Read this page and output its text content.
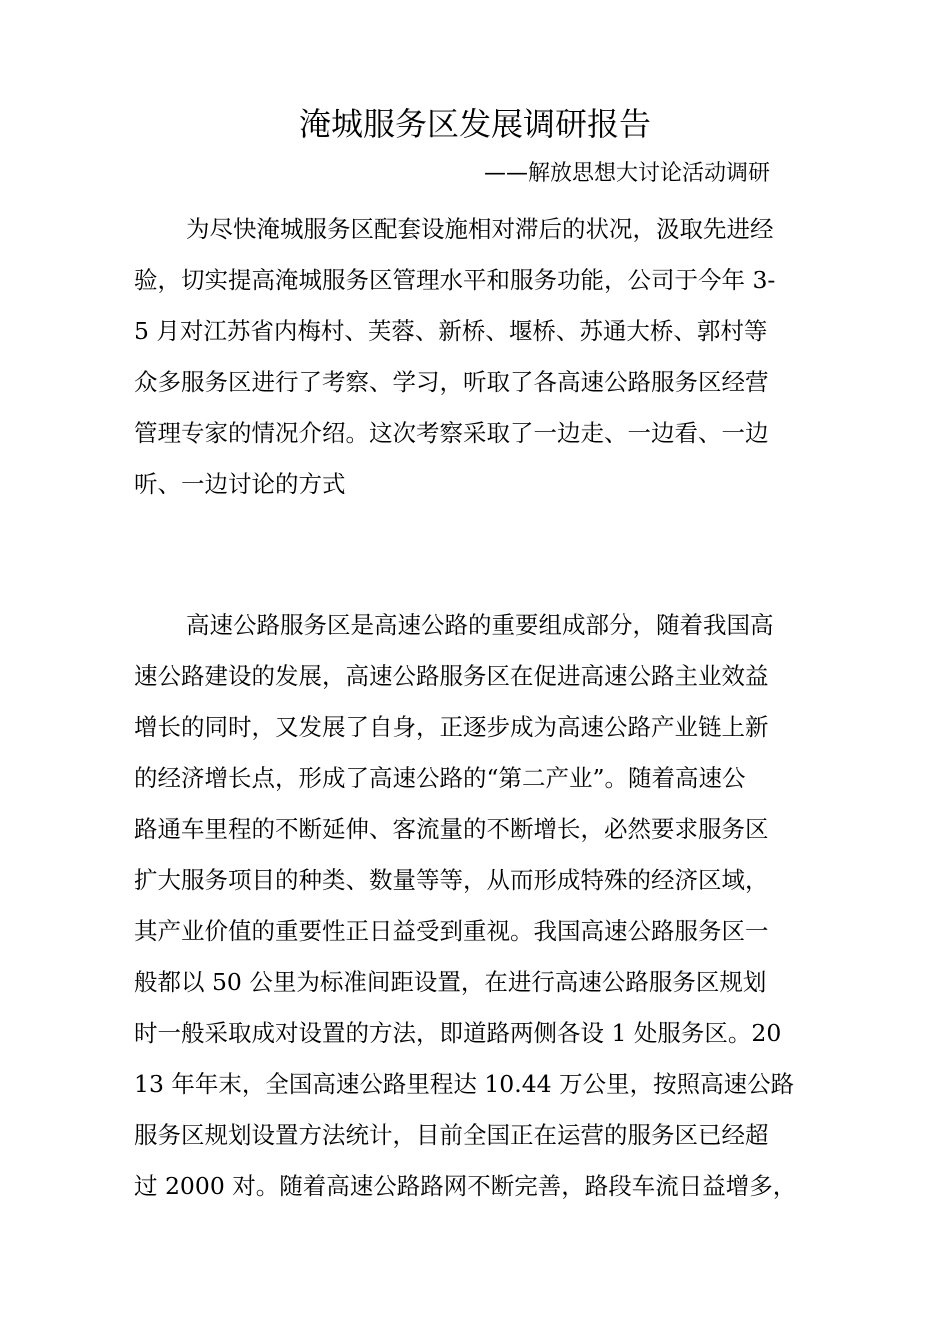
淹城服务区发展调研报告
——解放思想大讨论活动调研
为尽快淹城服务区配套设施相对滞后的状况，汲取先进经
验，切实提高淹城服务区管理水平和服务功能，公司于今年 3-
5 月对江苏省内梅村、芙蓉、新桥、堰桥、苏通大桥、郭村等
众多服务区进行了考察、学习，听取了各高速公路服务区经营
管理专家的情况介绍。这次考察采取了一边走、一边看、一边
听、一边讨论的方式
高速公路服务区是高速公路的重要组成部分，随着我国高
速公路建设的发展，高速公路服务区在促进高速公路主业效益
增长的同时，又发展了自身，正逐步成为高速公路产业链上新
的经济增长点，形成了高速公路的“第二产业”。随着高速公
路通车里程的不断延伸、客流量的不断增长，必然要求服务区
扩大服务项目的种类、数量等等，从而形成特殊的经济区域，
其产业价值的重要性正日益受到重视。我国高速公路服务区一
般都以 50 公里为标准间距设置，在进行高速公路服务区规划
时一般采取成对设置的方法，即道路两侧各设 1 处服务区。20
13 年年末，全国高速公路里程达 10.44 万公里，按照高速公路
服务区规划设置方法统计，目前全国正在运营的服务区已经超
过 2000 对。随着高速公路路网不断完善，路段车流日益增多，
